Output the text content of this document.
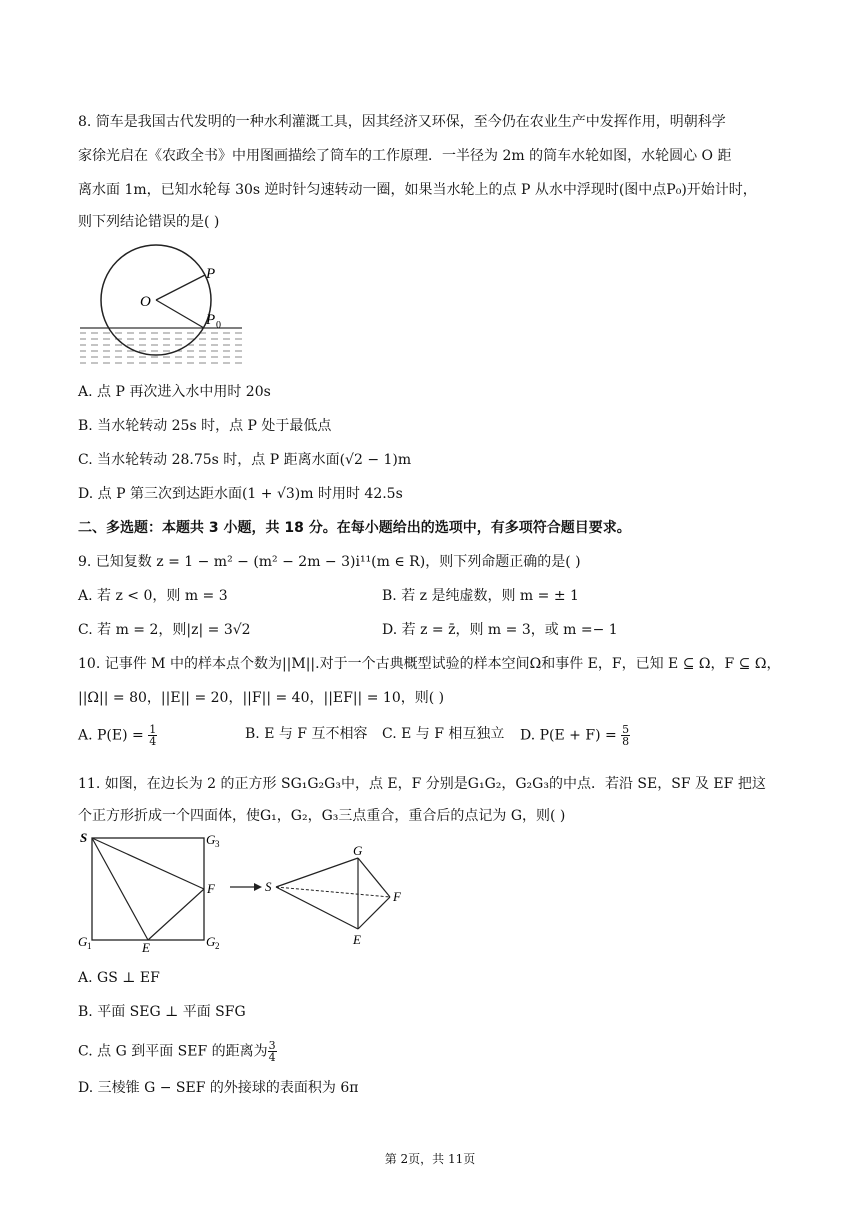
8. 筒车是我国古代发明的一种水利灌溉工具，因其经济又环保，至今仍在农业生产中发挥作用，明朝科学
家徐光启在《农政全书》中用图画描绘了筒车的工作原理．一半径为 2m 的筒车水轮如图，水轮圆心 O 距
离水面 1m，已知水轮每 30s 逆时针匀速转动一圈，如果当水轮上的点 P 从水中浮现时(图中点P₀)开始计时，
则下列结论错误的是( )
O
P
P 0
A. 点 P 再次进入水中用时 20s
B. 当水轮转动 25s 时，点 P 处于最低点
C. 当水轮转动 28.75s 时，点 P 距离水面(√2 − 1)m
D. 点 P 第三次到达距水面(1 + √3)m 时用时 42.5s
二、多选题：本题共 3 小题，共 18 分。在每小题给出的选项中，有多项符合题目要求。
9. 已知复数 z = 1 − m² − (m² − 2m − 3)i¹¹(m ∈ R)，则下列命题正确的是( )
A. 若 z < 0，则 m = 3	B. 若 z 是纯虚数，则 m = ± 1
C. 若 m = 2，则|z| = 3√2	D. 若 z = z̄，则 m = 3，或 m =− 1
10. 记事件 M 中的样本点个数为||M||.对于一个古典概型试验的样本空间Ω和事件 E，F，已知 E ⊆ Ω，F ⊆ Ω，
||Ω|| = 80，||E|| = 20，||F|| = 40，||EF|| = 10，则( )
A. $P(E) = \frac{1}{4}$	B. E 与 F 互不相容 C. E 与 F 相互独立 D. $P(E + F) = \frac{5}{8}$
11. 如图，在边长为 2 的正方形 SG₁G₂G₃中，点 E，F 分别是G₁G₂，G₂G₃的中点．若沿 SE，SF 及 EF 把这
个正方形折成一个四面体，使G₁，G₂，G₃三点重合，重合后的点记为 G，则( )
S	G 3
G 1	G 2
E
F	S
G
E
F
A. GS ⊥ EF
B. 平面 SEG ⊥ 平面 SFG
C. 点 G 到平面 SEF 的距离为 $\frac{3}{4}$
D. 三棱锥 G − SEF 的外接球的表面积为 6π
第 2页，共 11页
